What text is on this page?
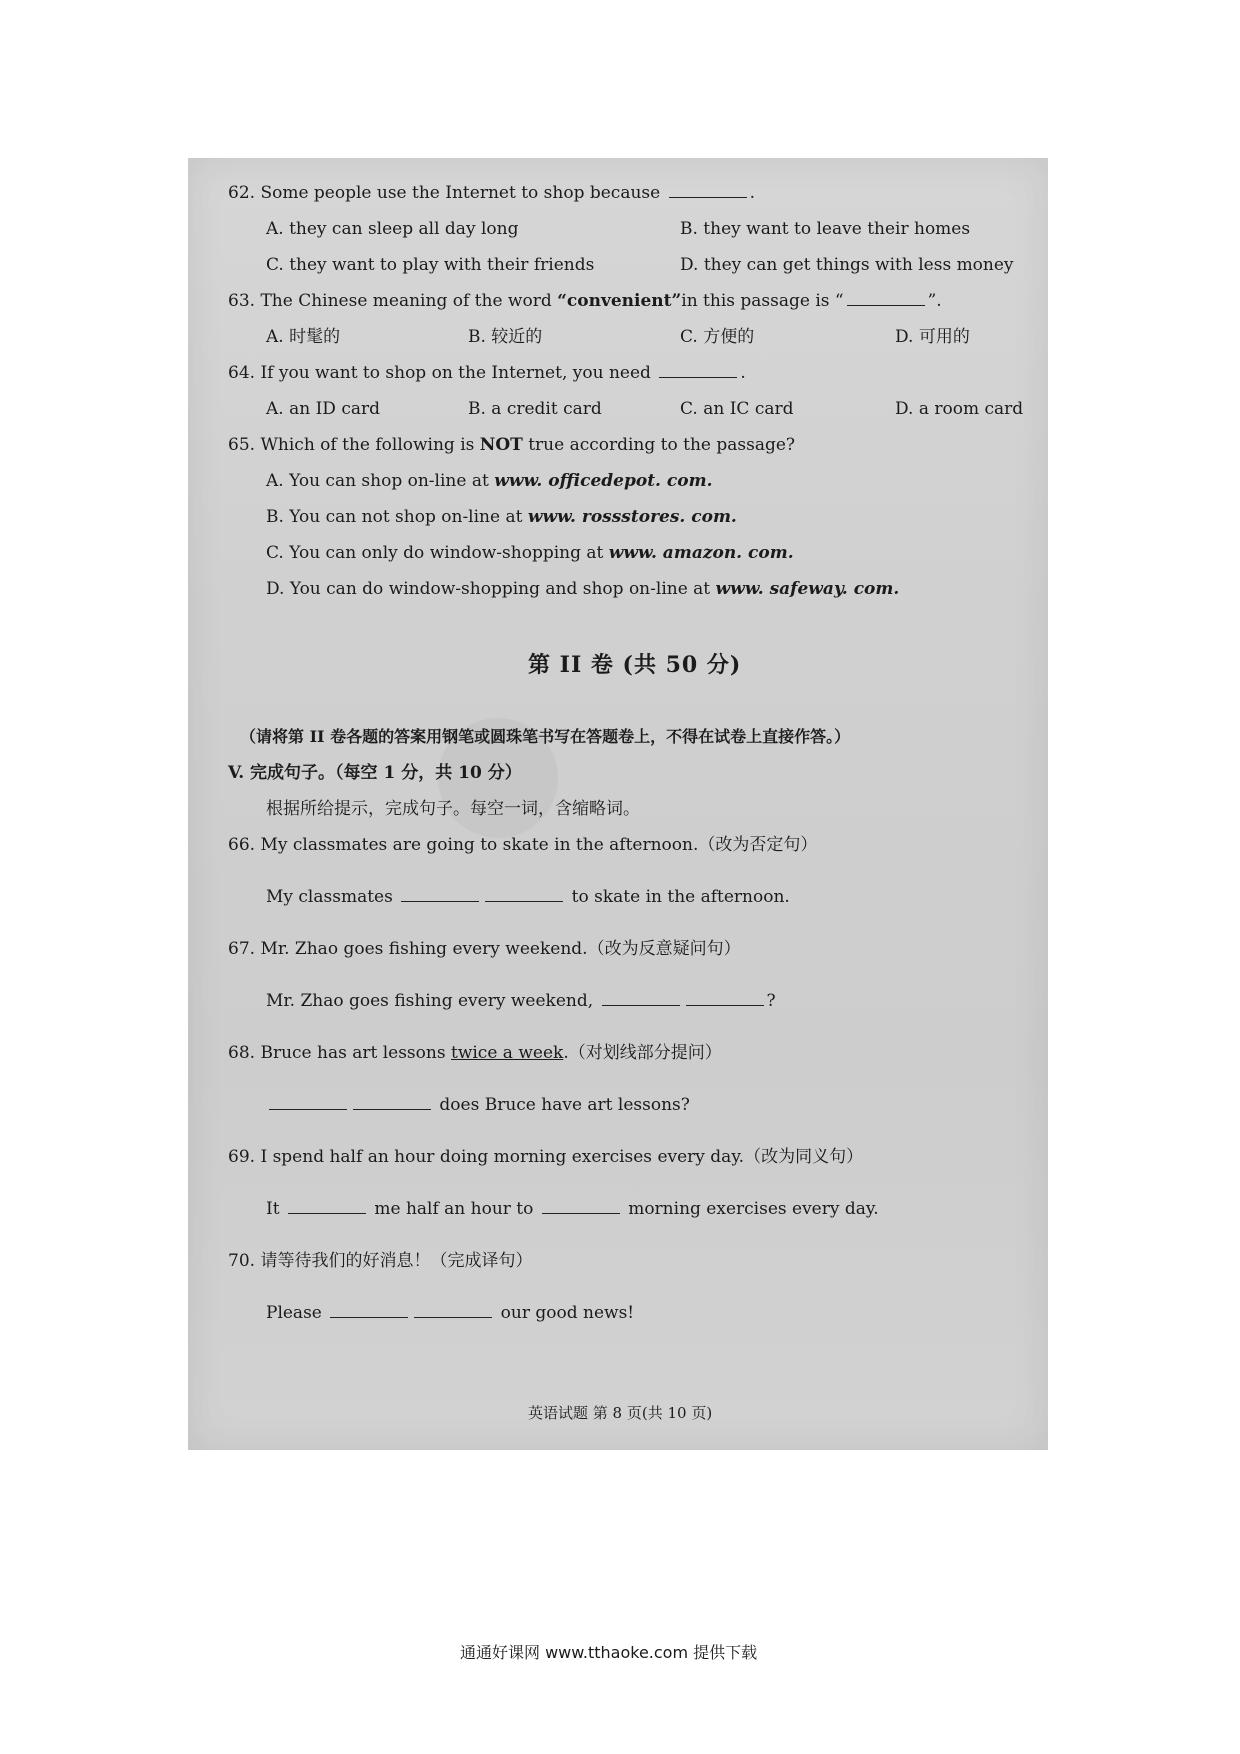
62. Some people use the Internet to shop because	.
A. they can sleep all day long	B. they want to leave their homes
C. they want to play with their friends	D. they can get things with less money
63. The Chinese meaning of the word “convenient”in this passage is “	”.
A. 时髦的	B. 较近的	C. 方便的	D. 可用的
64. If you want to shop on the Internet, you need	.
A. an ID card	B. a credit card	C. an IC card	D. a room card
65. Which of the following is NOT true according to the passage?
A. You can shop on-line at www. officedepot. com.
B. You can not shop on-line at www. rossstores. com.
C. You can only do window-shopping at www. amazon. com.
D. You can do window-shopping and shop on-line at www. safeway. com.
第 II 卷 (共 50 分)
（请将第 II 卷各题的答案用钢笔或圆珠笔书写在答题卷上，不得在试卷上直接作答。）
V. 完成句子。（每空 1 分，共 10 分）
根据所给提示，完成句子。每空一词，含缩略词。
66. My classmates are going to skate in the afternoon.（改为否定句）
My classmates	to skate in the afternoon.
67. Mr. Zhao goes fishing every weekend.（改为反意疑问句）
Mr. Zhao goes fishing every weekend,	?
68. Bruce has art lessons twice a week.（对划线部分提问）
does Bruce have art lessons?
69. I spend half an hour doing morning exercises every day.（改为同义句）
It	me half an hour to	morning exercises every day.
70. 请等待我们的好消息！（完成译句）
Please	our good news!
英语试题 第 8 页(共 10 页)
通通好课网 www.tthaoke.com 提供下载
